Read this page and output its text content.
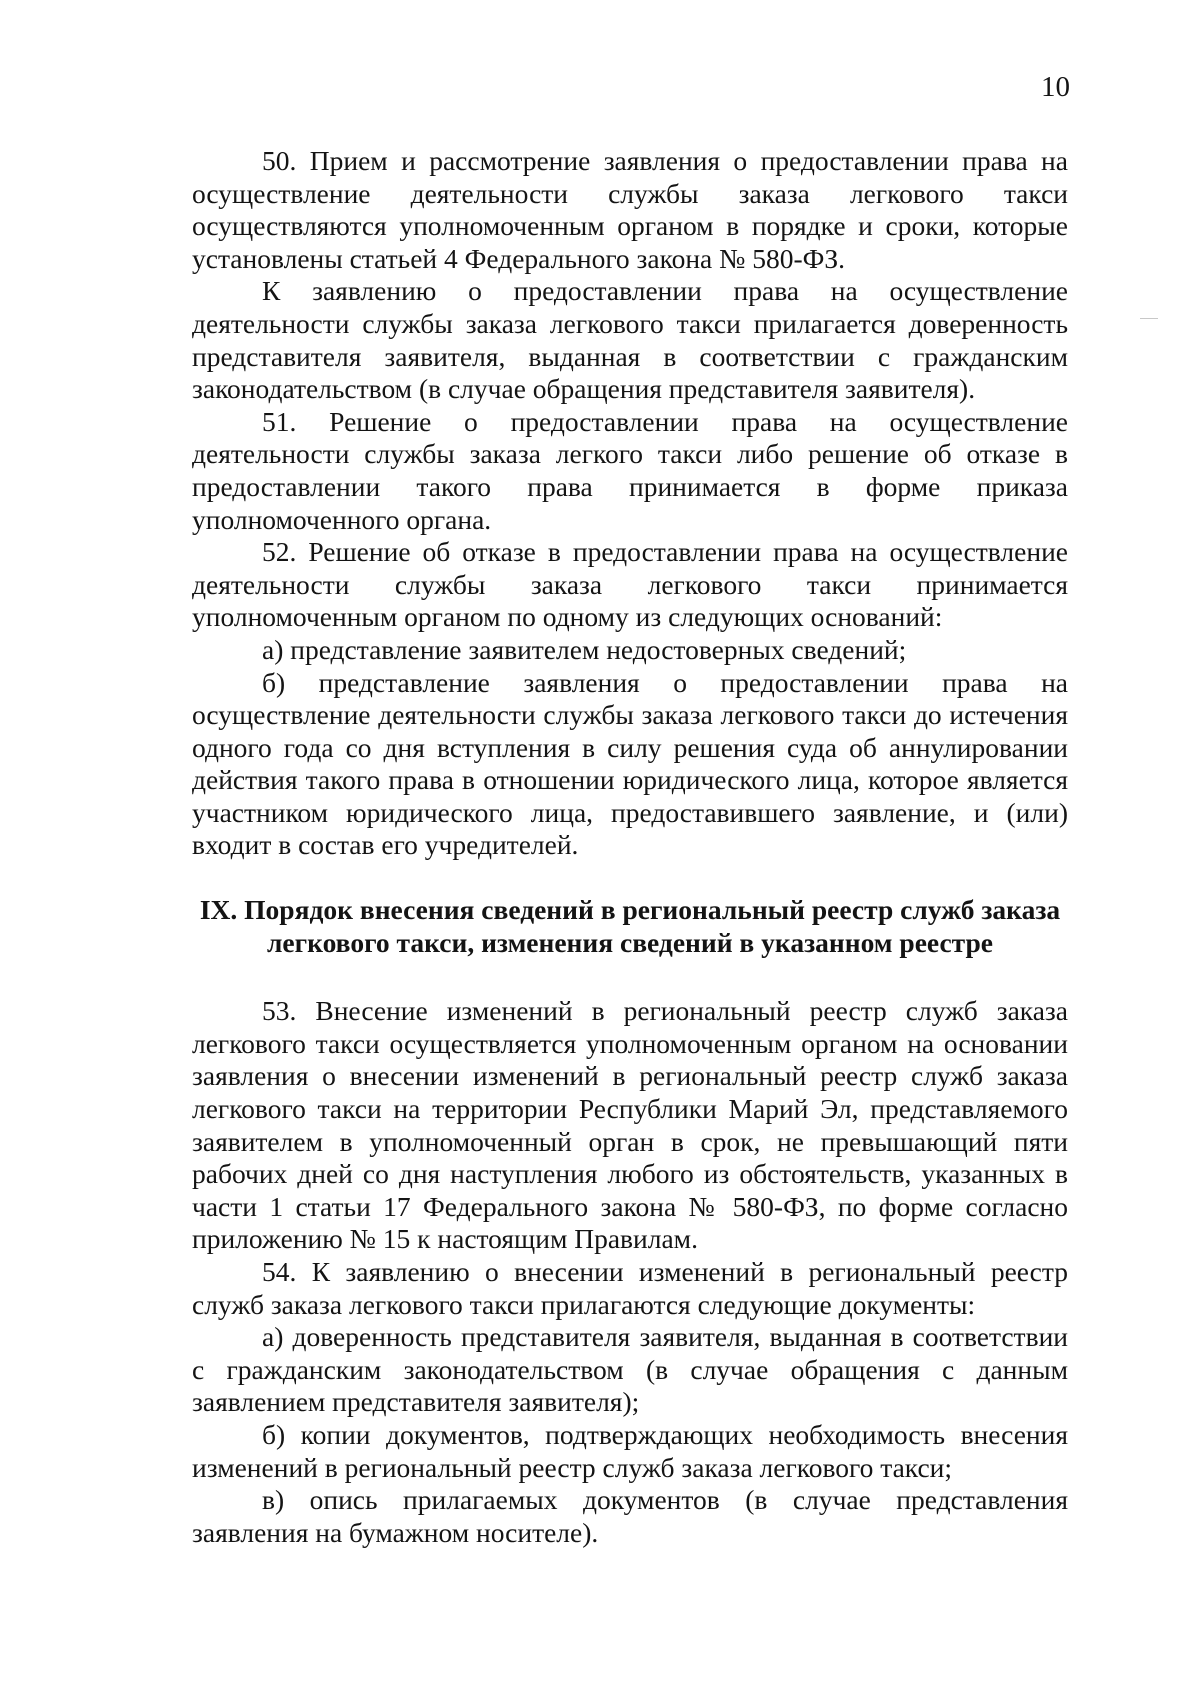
10

50. Прием и рассмотрение заявления о предоставлении права на осуществление деятельности службы заказа легкового такси осуществляются уполномоченным органом в порядке и сроки, которые установлены статьей 4 Федерального закона № 580-ФЗ.

К заявлению о предоставлении права на осуществление деятельности службы заказа легкового такси прилагается доверенность представителя заявителя, выданная в соответствии с гражданским законодательством (в случае обращения представителя заявителя).

51. Решение о предоставлении права на осуществление деятельности службы заказа легкого такси либо решение об отказе в предоставлении такого права принимается в форме приказа уполномоченного органа.

52. Решение об отказе в предоставлении права на осуществление деятельности службы заказа легкового такси принимается уполномоченным органом по одному из следующих оснований:

а) представление заявителем недостоверных сведений;

б) представление заявления о предоставлении права на осуществление деятельности службы заказа легкового такси до истечения одного года со дня вступления в силу решения суда об аннулировании действия такого права в отношении юридического лица, которое является участником юридического лица, предоставившего заявление, и (или) входит в состав его учредителей.

IX. Порядок внесения сведений в региональный реестр служб заказа легкового такси, изменения сведений в указанном реестре

53. Внесение изменений в региональный реестр служб заказа легкового такси осуществляется уполномоченным органом на основании заявления о внесении изменений в региональный реестр служб заказа легкового такси на территории Республики Марий Эл, представляемого заявителем в уполномоченный орган в срок, не превышающий пяти рабочих дней со дня наступления любого из обстоятельств, указанных в части 1 статьи 17 Федерального закона № 580-ФЗ, по форме согласно приложению № 15 к настоящим Правилам.

54. К заявлению о внесении изменений в региональный реестр служб заказа легкового такси прилагаются следующие документы:

а) доверенность представителя заявителя, выданная в соответствии с гражданским законодательством (в случае обращения с данным заявлением представителя заявителя);

б) копии документов, подтверждающих необходимость внесения изменений в региональный реестр служб заказа легкового такси;

в) опись прилагаемых документов (в случае представления заявления на бумажном носителе).
